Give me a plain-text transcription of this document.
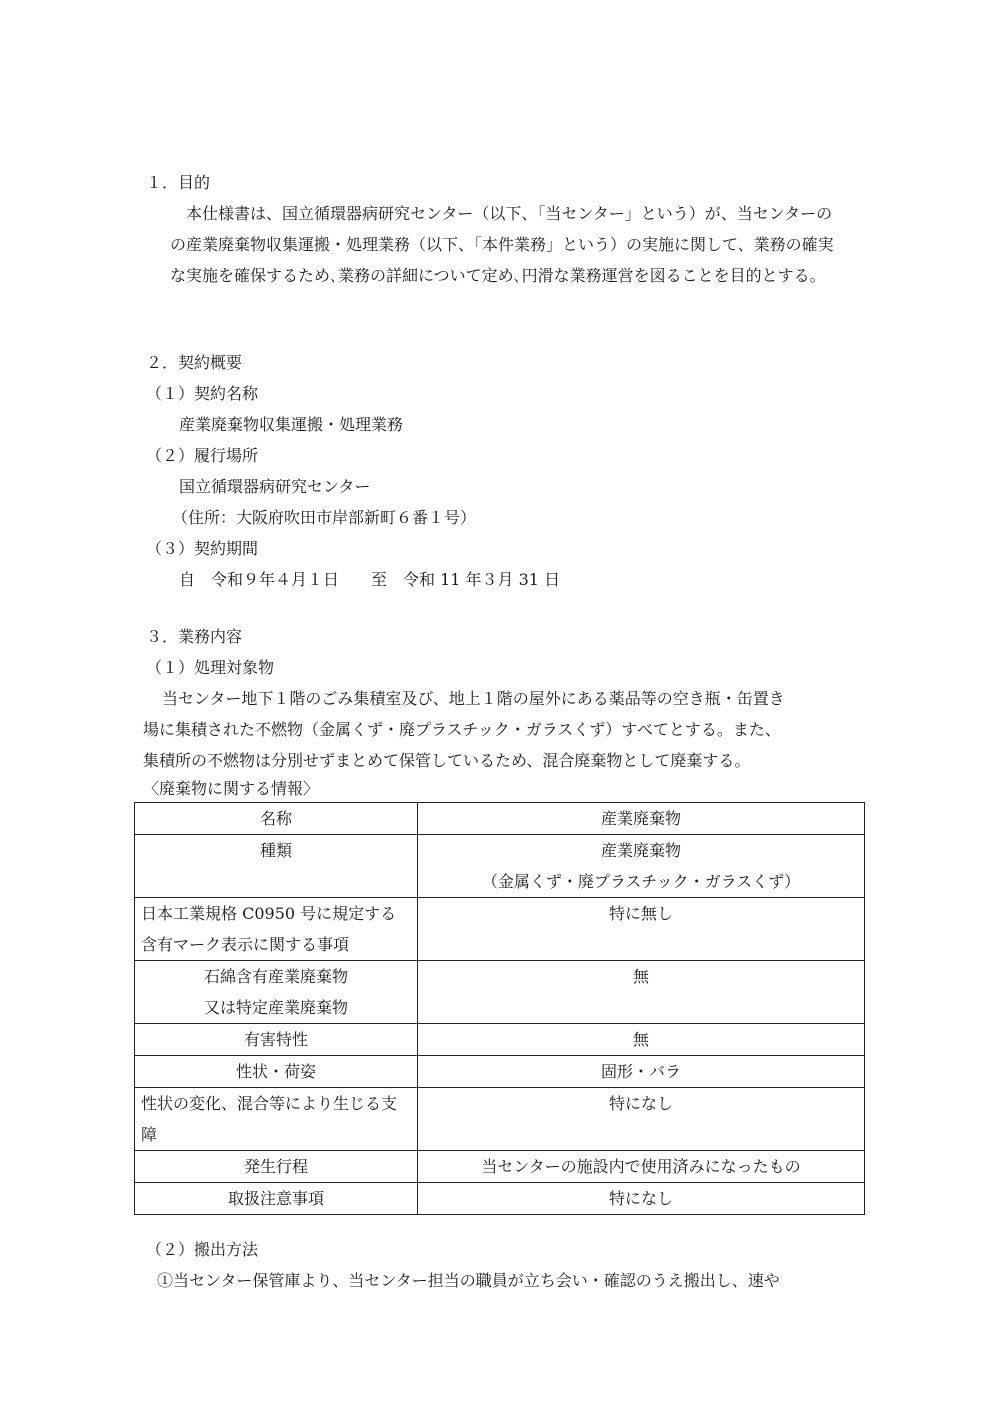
１．目的
本仕様書は、国立循環器病研究センター（以下、「当センター」という）が、当センターの
の産業廃棄物収集運搬・処理業務（以下、「本件業務」という）の実施に関して、業務の確実
な実施を確保するため､業務の詳細について定め､円滑な業務運営を図ることを目的とする。
２．契約概要
（１）契約名称
産業廃棄物収集運搬・処理業務
（２）履行場所
国立循環器病研究センター
（住所：大阪府吹田市岸部新町６番１号）
（３）契約期間
自　令和９年４月１日　　至　令和 11 年３月 31 日
３．業務内容
（１）処理対象物
当センター地下１階のごみ集積室及び、地上１階の屋外にある薬品等の空き瓶・缶置き
場に集積された不燃物（金属くず・廃プラスチック・ガラスくず）すべてとする。また、
集積所の不燃物は分別せずまとめて保管しているため、混合廃棄物として廃棄する。
〈廃棄物に関する情報〉
名称	産業廃棄物

種類	産業廃棄物
（金属くず・廃プラスチック・ガラスくず）

日本工業規格 C0950 号に規定する含有マーク表示に関する事項	特に無し

石綿含有産業廃棄物
又は特定産業廃棄物	無

有害特性	無

性状・荷姿	固形・バラ

性状の変化、混合等により生じる支障	特になし

発生行程	当センターの施設内で使用済みになったもの

取扱注意事項	特になし
（２）搬出方法
①当センター保管庫より、当センター担当の職員が立ち会い・確認のうえ搬出し、速や
